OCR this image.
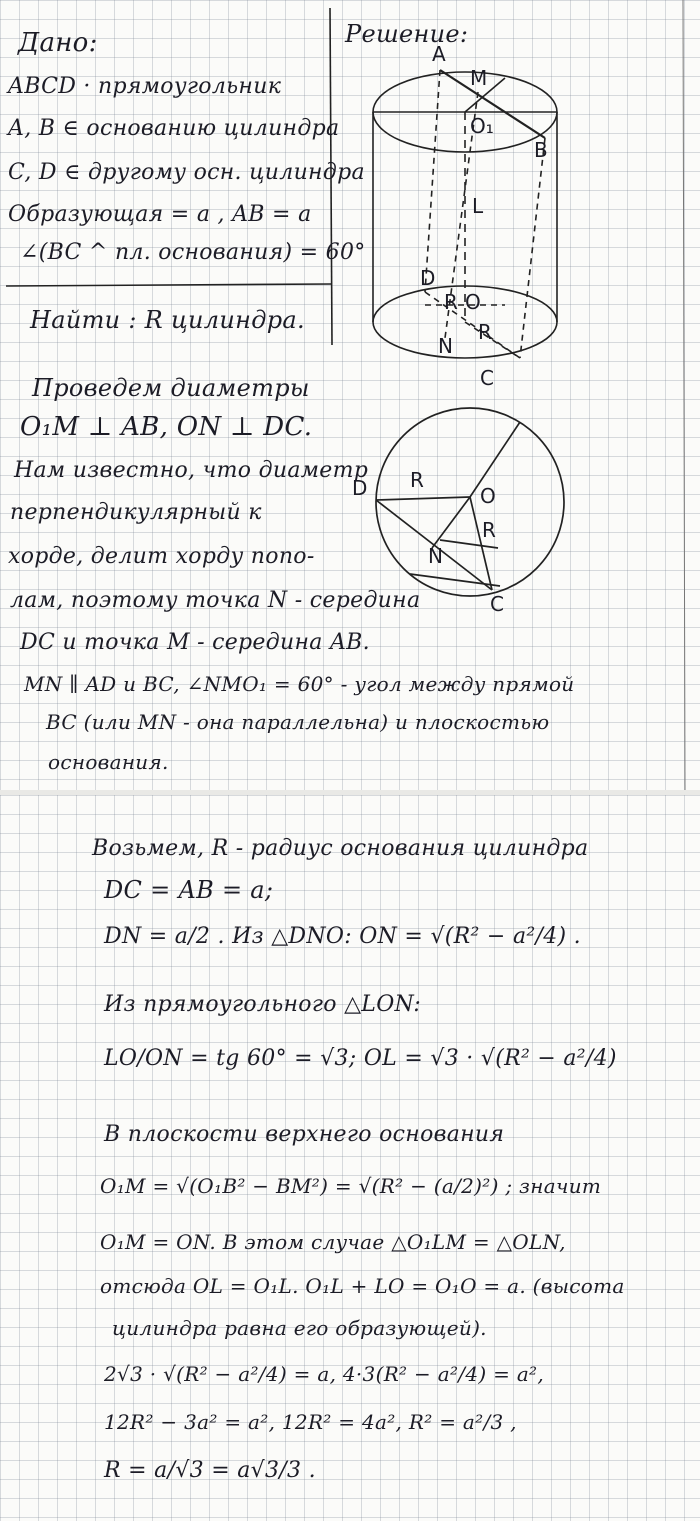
Дано:
ABCD · прямоугольник
A, B ∈ основанию цилиндра
C, D ∈ другому осн. цилиндра
Образующая = a , AB = a
∠(BC ^ пл. основания) = 60°
Найти : R цилиндра.
Решение:
A
M
O₁
B
L
D
R O
R
N
C
D R
O
R
N
C
Проведем диаметры
O₁M ⊥ AB, ON ⊥ DC.
Нам известно, что диаметр
перпендикулярный к
хорде, делит хорду попо-
лам, поэтому точка N - середина
DC и точка M - середина AB.
MN ∥ AD и BC, ∠NMO₁ = 60° - угол между прямой
BC (или MN - она параллельна) и плоскостью
основания.
Возьмем, R - радиус основания цилиндра
DC = AB = a;
DN = a/2 . Из △DNO: ON = √(R² − a²/4) .
Из прямоугольного △LON:
LO/ON = tg 60° = √3; OL = √3 · √(R² − a²/4)
В плоскости верхнего основания
O₁M = √(O₁B² − BM²) = √(R² − (a/2)²) ; значит
O₁M = ON. В этом случае △O₁LM = △OLN,
отсюда OL = O₁L. O₁L + LO = O₁O = a. (высота
цилиндра равна его образующей).
2√3 · √(R² − a²/4) = a, 4·3(R² − a²/4) = a²,
12R² − 3a² = a², 12R² = 4a², R² = a²/3 ,
R = a/√3 = a√3/3 .
